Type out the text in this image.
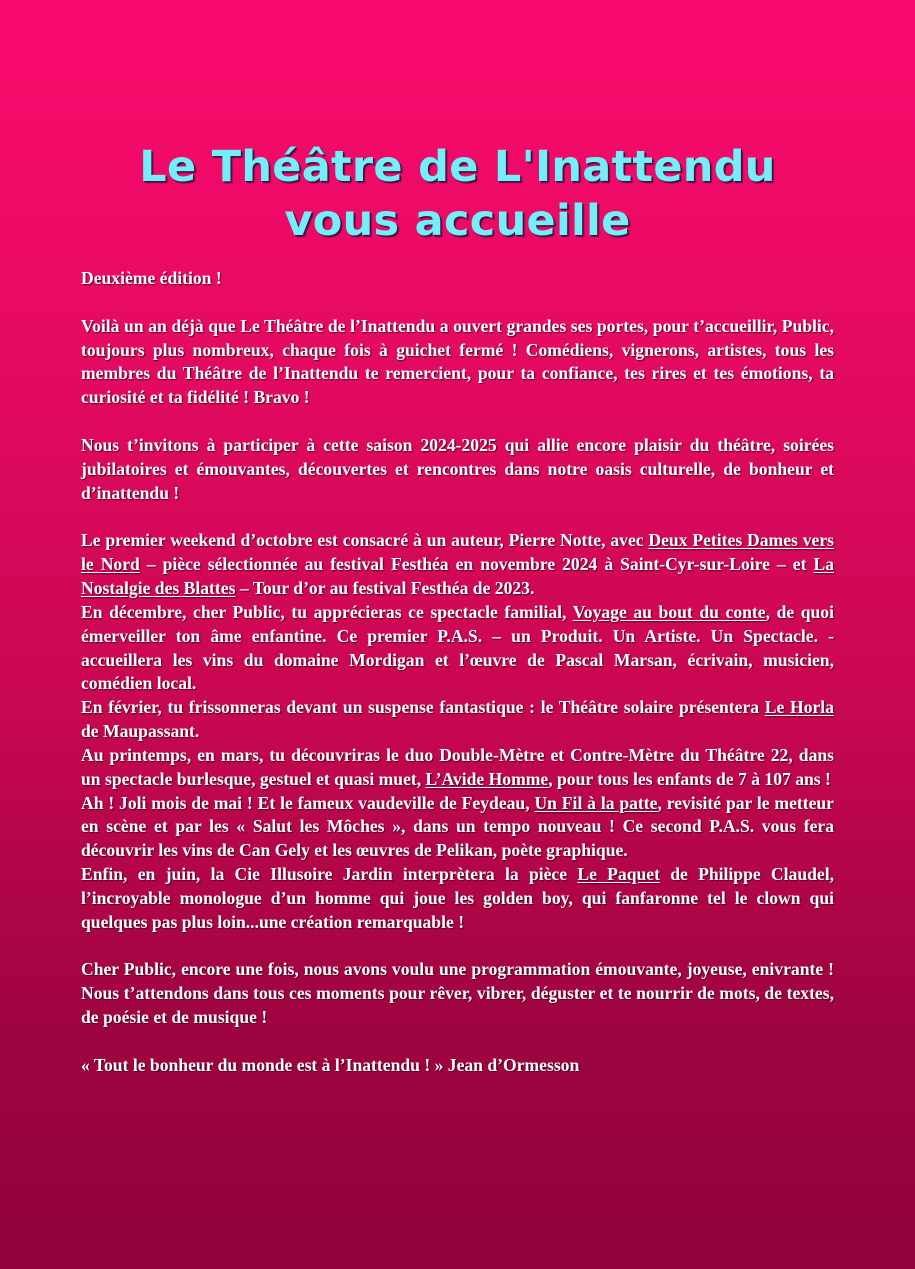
Le Théâtre de L'Inattendu
vous accueille

Deuxième édition !

Voilà un an déjà que Le Théâtre de l’Inattendu a ouvert grandes ses portes, pour t’accueillir, Public, toujours plus nombreux, chaque fois à guichet fermé ! Comédiens, vignerons, artistes, tous les membres du Théâtre de l’Inattendu te remercient, pour ta confiance, tes rires et tes émotions, ta curiosité et ta fidélité ! Bravo !

Nous t’invitons à participer à cette saison 2024-2025 qui allie encore plaisir du théâtre, soirées jubilatoires et émouvantes, découvertes et rencontres dans notre oasis culturelle, de bonheur et d’inattendu !

Le premier weekend d’octobre est consacré à un auteur, Pierre Notte, avec Deux Petites Dames vers le Nord – pièce sélectionnée au festival Festhéa en novembre 2024 à Saint-Cyr-sur-Loire – et La Nostalgie des Blattes – Tour d’or au festival Festhéa de 2023.

En décembre, cher Public, tu apprécieras ce spectacle familial, Voyage au bout du conte, de quoi émerveiller ton âme enfantine. Ce premier P.A.S. – un Produit. Un Artiste. Un Spectacle. - accueillera les vins du domaine Mordigan et l’œuvre de Pascal Marsan, écrivain, musicien, comédien local.

En février, tu frissonneras devant un suspense fantastique : le Théâtre solaire présentera Le Horla de Maupassant.

Au printemps, en mars, tu découvriras le duo Double-Mètre et Contre-Mètre du Théâtre 22, dans un spectacle burlesque, gestuel et quasi muet, L’Avide Homme, pour tous les enfants de 7 à 107 ans !

Ah ! Joli mois de mai ! Et le fameux vaudeville de Feydeau, Un Fil à la patte, revisité par le metteur en scène et par les « Salut les Môches », dans un tempo nouveau ! Ce second P.A.S. vous fera découvrir les vins de Can Gely et les œuvres de Pelikan, poète graphique.

Enfin, en juin, la Cie Illusoire Jardin interprètera la pièce Le Paquet de Philippe Claudel, l’incroyable monologue d’un homme qui joue les golden boy, qui fanfaronne tel le clown qui quelques pas plus loin...une création remarquable !

Cher Public, encore une fois, nous avons voulu une programmation émouvante, joyeuse, enivrante ! Nous t’attendons dans tous ces moments pour rêver, vibrer, déguster et te nourrir de mots, de textes, de poésie et de musique !

« Tout le bonheur du monde est à l’Inattendu ! » Jean d’Ormesson
